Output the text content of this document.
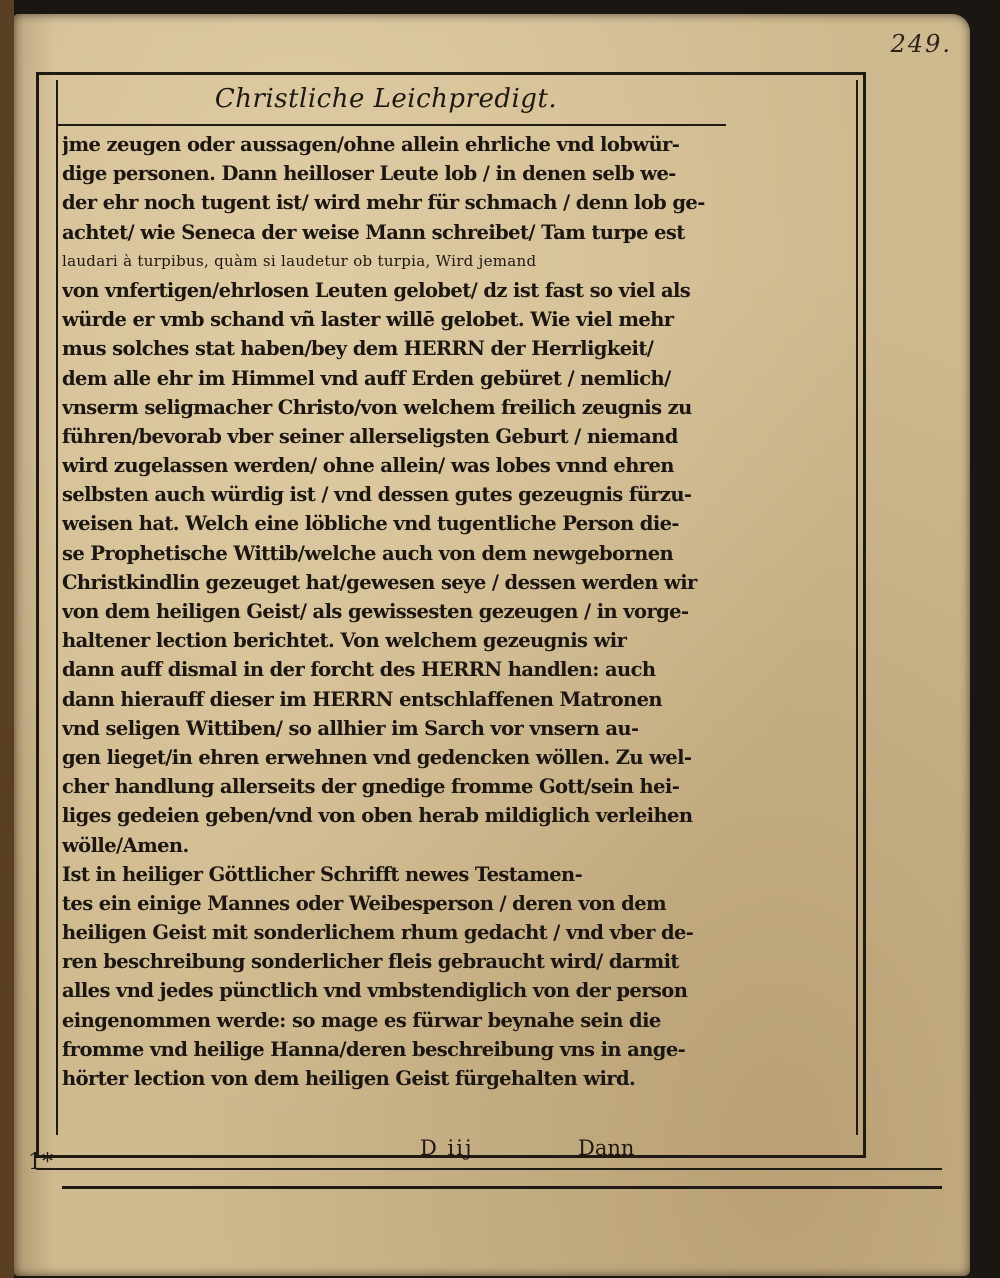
249.
Christliche Leichpredigt.
jme zeugen oder aussagen/ohne allein ehrliche vnd lobwür-
dige personen. Dann heilloser Leute lob / in denen selb we-
der ehr noch tugent ist/ wird mehr für schmach / denn lob ge-
achtet/ wie Seneca der weise Mann schreibet/ Tam turpe est
laudari à turpibus, quàm si laudetur ob turpia, Wird jemand
von vnfertigen/ehrlosen Leuten gelobet/ dz ist fast so viel als
würde er vmb schand vñ laster willē gelobet. Wie viel mehr
mus solches stat haben/bey dem HERRN der Herrligkeit/
dem alle ehr im Himmel vnd auff Erden gebüret / nemlich/
vnserm seligmacher Christo/von welchem freilich zeugnis zu
führen/bevorab vber seiner allerseligsten Geburt / niemand
wird zugelassen werden/ ohne allein/ was lobes vnnd ehren
selbsten auch würdig ist / vnd dessen gutes gezeugnis fürzu-
weisen hat. Welch eine löbliche vnd tugentliche Person die-
se Prophetische Wittib/welche auch von dem newgebornen
Christkindlin gezeuget hat/gewesen seye / dessen werden wir
von dem heiligen Geist/ als gewissesten gezeugen / in vorge-
haltener lection berichtet. Von welchem gezeugnis wir
dann auff dismal in der forcht des HERRN handlen: auch
dann hierauff dieser im HERRN entschlaffenen Matronen
vnd seligen Wittiben/ so allhier im Sarch vor vnsern au-
gen lieget/in ehren erwehnen vnd gedencken wöllen. Zu wel-
cher handlung allerseits der gnedige fromme Gott/sein hei-
liges gedeien geben/vnd von oben herab mildiglich verleihen
wölle/Amen.
Ist in heiliger Göttlicher Schrifft newes Testamen-
tes ein einige Mannes oder Weibesperson / deren von dem
heiligen Geist mit sonderlichem rhum gedacht / vnd vber de-
ren beschreibung sonderlicher fleis gebraucht wird/ darmit
alles vnd jedes pünctlich vnd vmbstendiglich von der person
eingenommen werde: so mage es fürwar beynahe sein die
fromme vnd heilige Hanna/deren beschreibung vns in ange-
hörter lection von dem heiligen Geist fürgehalten wird.
D iij	Dann
1*
